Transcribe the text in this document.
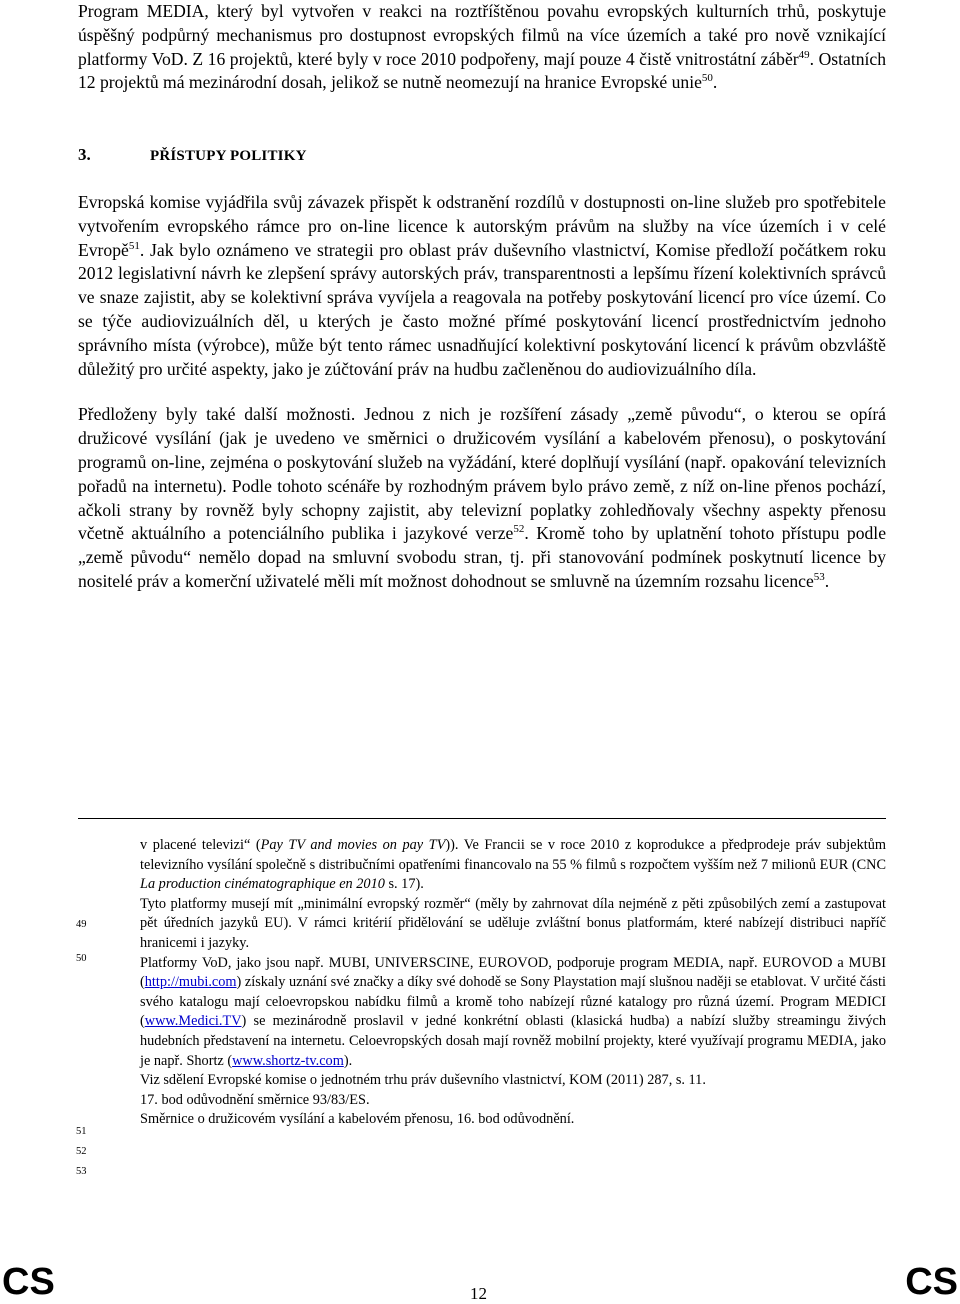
Program MEDIA, který byl vytvořen v reakci na roztříštěnou povahu evropských kulturních trhů, poskytuje úspěšný podpůrný mechanismus pro dostupnost evropských filmů na více územích a také pro nově vznikající platformy VoD. Z 16 projektů, které byly v roce 2010 podpořeny, mají pouze 4 čistě vnitrostátní záběr$^{49}$. Ostatních 12 projektů má mezinárodní dosah, jelikož se nutně neomezují na hranice Evropské unie$^{50}$.

3.	PŘÍSTUPY POLITIKY

Evropská komise vyjádřila svůj závazek přispět k odstranění rozdílů v dostupnosti on-line služeb pro spotřebitele vytvořením evropského rámce pro on-line licence k autorským právům na služby na více územích i v celé Evropě$^{51}$. Jak bylo oznámeno ve strategii pro oblast práv duševního vlastnictví, Komise předloží počátkem roku 2012 legislativní návrh ke zlepšení správy autorských práv, transparentnosti a lepšímu řízení kolektivních správců ve snaze zajistit, aby se kolektivní správa vyvíjela a reagovala na potřeby poskytování licencí pro více území. Co se týče audiovizuálních děl, u kterých je často možné přímé poskytování licencí prostřednictvím jednoho správního místa (výrobce), může být tento rámec usnadňující kolektivní poskytování licencí k právům obzvláště důležitý pro určité aspekty, jako je zúčtování práv na hudbu začleněnou do audiovizuálního díla.

Předloženy byly také další možnosti. Jednou z nich je rozšíření zásady „země původu“, o kterou se opírá družicové vysílání (jak je uvedeno ve směrnici o družicovém vysílání a kabelovém přenosu), o poskytování programů on-line, zejména o poskytování služeb na vyžádání, které doplňují vysílání (např. opakování televizních pořadů na internetu). Podle tohoto scénáře by rozhodným právem bylo právo země, z níž on-line přenos pochází, ačkoli strany by rovněž byly schopny zajistit, aby televizní poplatky zohledňovaly všechny aspekty přenosu včetně aktuálního a potenciálního publika i jazykové verze$^{52}$. Kromě toho by uplatnění tohoto přístupu podle „země původu“ nemělo dopad na smluvní svobodu stran, tj. při stanovování podmínek poskytnutí licence by nositelé práv a komerční uživatelé měli mít možnost dohodnout se smluvně na územním rozsahu licence$^{53}$.

49
50
51
52
53

v placené televizi“ (Pay TV and movies on pay TV)). Ve Francii se v roce 2010 z koprodukce a předprodeje práv subjektům televizního vysílání společně s distribučními opatřeními financovalo na 55 % filmů s rozpočtem vyšším než 7 milionů EUR (CNC La production cinématographique en 2010 s. 17).

Tyto platformy musejí mít „minimální evropský rozměr“ (měly by zahrnovat díla nejméně z pěti způsobilých zemí a zastupovat pět úředních jazyků EU). V rámci kritérií přidělování se uděluje zvláštní bonus platformám, které nabízejí distribuci napříč hranicemi i jazyky.

Platformy VoD, jako jsou např. MUBI, UNIVERSCINE, EUROVOD, podporuje program MEDIA, např. EUROVOD a MUBI (http://mubi.com) získaly uznání své značky a díky své dohodě se Sony Playstation mají slušnou naději se etablovat. V určité části svého katalogu mají celoevropskou nabídku filmů a kromě toho nabízejí různé katalogy pro různá území. Program MEDICI (www.Medici.TV) se mezinárodně proslavil v jedné konkrétní oblasti (klasická hudba) a nabízí služby streamingu živých hudebních představení na internetu. Celoevropských dosah mají rovněž mobilní projekty, které využívají programu MEDIA, jako je např. Shortz (www.shortz-tv.com).

Viz sdělení Evropské komise o jednotném trhu práv duševního vlastnictví, KOM (2011) 287, s. 11.

17. bod odůvodnění směrnice 93/83/ES.

Směrnice o družicovém vysílání a kabelovém přenosu, 16. bod odůvodnění.

CS	12	CS
